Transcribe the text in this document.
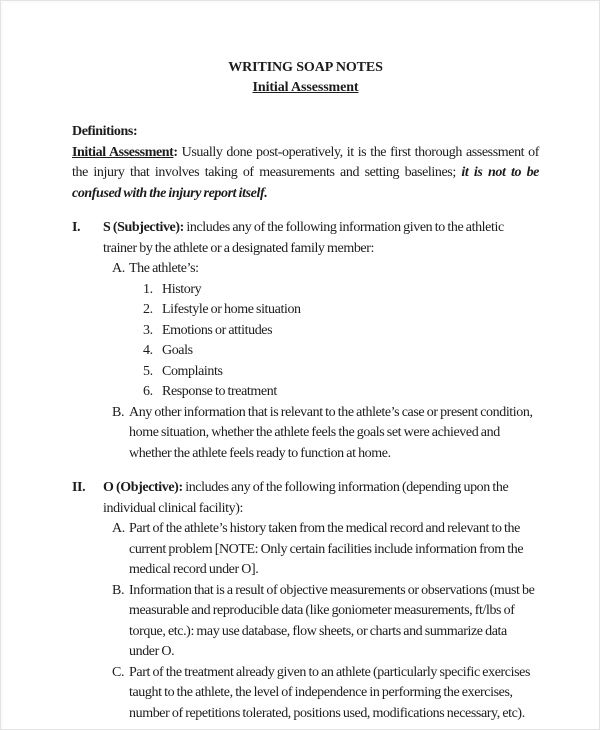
WRITING SOAP NOTES
Initial Assessment
Definitions:

Initial Assessment: Usually done post-operatively, it is the first thorough assessment of the injury that involves taking of measurements and setting baselines; it is not to be confused with the injury report itself.

I.	S (Subjective): includes any of the following information given to the athletic trainer by the athlete or a designated family member:

A. The athlete’s:

1. History

2. Lifestyle or home situation

3. Emotions or attitudes

4. Goals

5. Complaints

6. Response to treatment

B. Any other information that is relevant to the athlete’s case or present condition, home situation, whether the athlete feels the goals set were achieved and whether the athlete feels ready to function at home.

II.	O (Objective): includes any of the following information (depending upon the individual clinical facility):

A. Part of the athlete’s history taken from the medical record and relevant to the current problem [NOTE: Only certain facilities include information from the medical record under O].

B. Information that is a result of objective measurements or observations (must be measurable and reproducible data (like goniometer measurements, ft/lbs of torque, etc.): may use database, flow sheets, or charts and summarize data under O.

C. Part of the treatment already given to an athlete (particularly specific exercises taught to the athlete, the level of independence in performing the exercises, number of repetitions tolerated, positions used, modifications necessary, etc).
